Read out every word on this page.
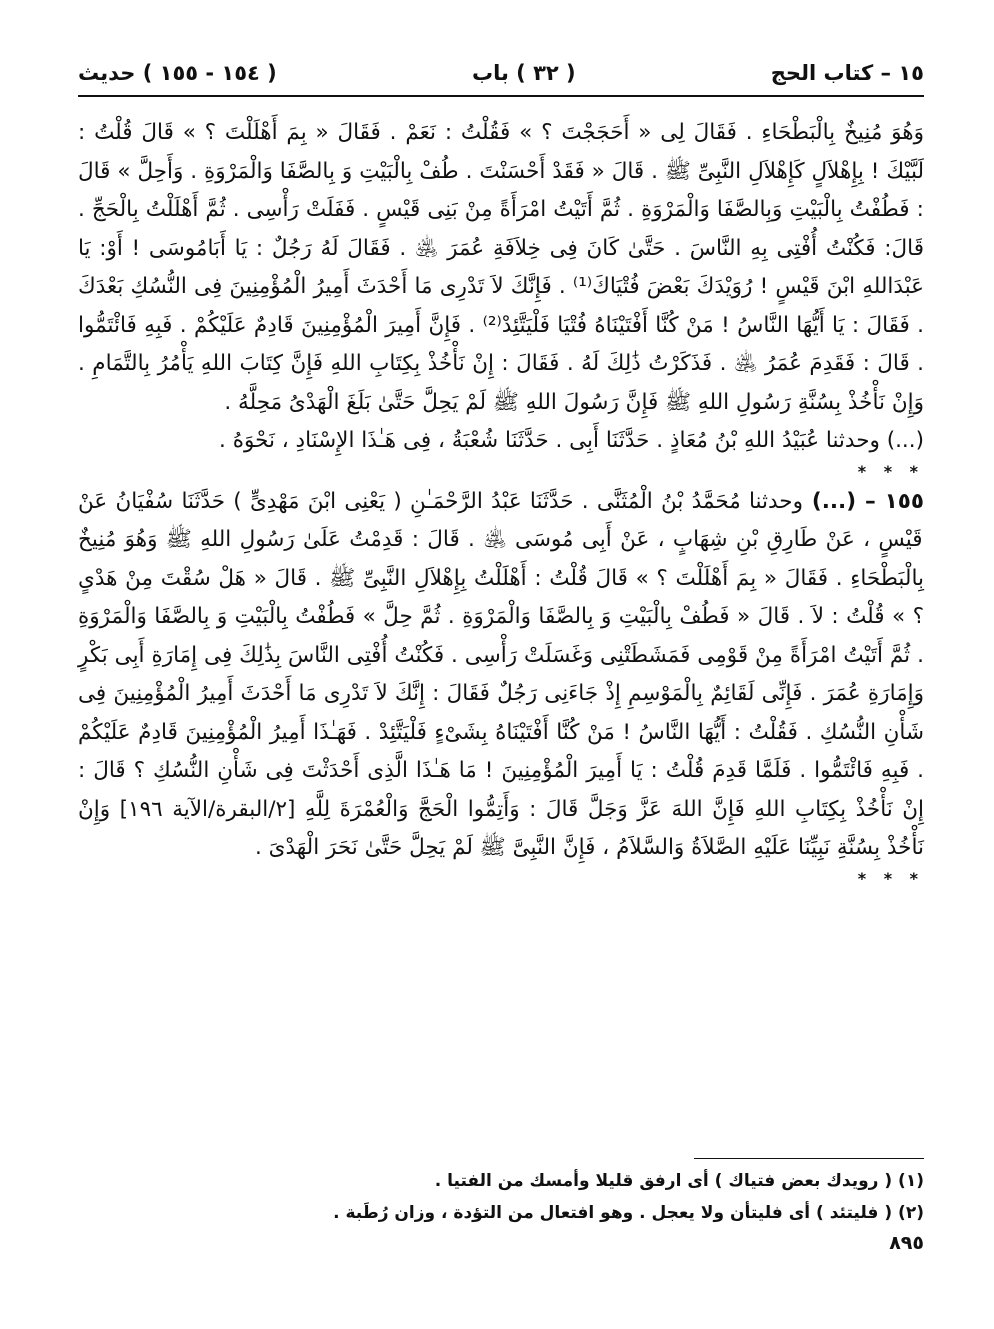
١٥ – كتاب الحج
( ٣٢ ) باب
( ١٥٤ - ١٥٥ ) حديث

وَهُوَ مُنِيخٌ بِالْبَطْحَاءِ . فَقَالَ لِى « أَحَجَجْتَ ؟ » فَقُلْتُ : نَعَمْ . فَقَالَ « بِمَ أَهْلَلْتَ ؟ » قَالَ قُلْتُ : لَبَّيْكَ ! بِإِهْلاَلٍ كَإِهْلاَلِ النَّبِىِّ ﷺ . قَالَ « فَقَدْ أَحْسَنْتَ . طُفْ بِالْبَيْتِ وَ بِالصَّفَا وَالْمَرْوَةِ . وَأَحِلَّ » قَالَ : فَطُفْتُ بِالْبَيْتِ وَبِالصَّفَا وَالْمَرْوَةِ . ثُمَّ أَتَيْتُ امْرَأَةً مِنْ بَنِى قَيْسٍ . فَفَلَتْ رَأْسِى . ثُمَّ أَهْلَلْتُ بِالْحَجِّ . قَالَ: فَكُنْتُ أُفْتِى بِهِ النَّاسَ . حَتَّىٰ كَانَ فِى خِلاَفَةِ عُمَرَ ﵁ . فَقَالَ لَهُ رَجُلٌ : يَا أَبَامُوسَى ! أَوْ: يَا عَبْدَاللهِ ابْنَ قَيْسٍ ! رُوَيْدَكَ بَعْضَ فُتْيَاكَ⁽¹⁾ . فَإِنَّكَ لاَ تَدْرِى مَا أَحْدَثَ أَمِيرُ الْمُؤْمِنِينَ فِى النُّسُكِ بَعْدَكَ . فَقَالَ : يَا أَيُّهَا النَّاسُ ! مَنْ كُنَّا أَفْتَيْنَاهُ فُتْيَا فَلْيَتَّئِدْ⁽²⁾ . فَإِنَّ أَمِيرَ الْمُؤْمِنِينَ قَادِمٌ عَلَيْكُمْ . فَبِهِ فَائْتَمُّوا . قَالَ : فَقَدِمَ عُمَرُ ﵁ . فَذَكَرْتُ ذَٰلِكَ لَهُ . فَقَالَ : إِنْ نَأْخُذْ بِكِتَابِ اللهِ فَإِنَّ كِتَابَ اللهِ يَأْمُرُ بِالتَّمَامِ . وَإِنْ نَأْخُذْ بِسُنَّةِ رَسُولِ اللهِ ﷺ فَإِنَّ رَسُولَ اللهِ ﷺ لَمْ يَحِلَّ حَتَّىٰ بَلَغَ الْهَدْىُ مَحِلَّهُ .

(...) وحدثنا عُبَيْدُ اللهِ بْنُ مُعَاذٍ . حَدَّثَنَا أَبِى . حَدَّثَنَا شُعْبَةُ ، فِى هَـٰذَا الإِسْنَادِ ، نَحْوَهُ .

* * *

١٥٥ – (...) وحدثنا مُحَمَّدُ بْنُ الْمُثَنَّى . حَدَّثَنَا عَبْدُ الرَّحْمَـٰنِ ( يَعْنِى ابْنَ مَهْدِىٍّ ) حَدَّثَنَا سُفْيَانُ عَنْ قَيْسٍ ، عَنْ طَارِقِ بْنِ شِهَابٍ ، عَنْ أَبِى مُوسَى ﵁ . قَالَ : قَدِمْتُ عَلَىٰ رَسُولِ اللهِ ﷺ وَهُوَ مُنِيخٌ بِالْبَطْحَاءِ . فَقَالَ « بِمَ أَهْلَلْتَ ؟ » قَالَ قُلْتُ : أَهْلَلْتُ بِإِهْلاَلِ النَّبِىِّ ﷺ . قَالَ « هَلْ سُقْتَ مِنْ هَدْىٍ ؟ » قُلْتُ : لاَ . قَالَ « فَطُفْ بِالْبَيْتِ وَ بِالصَّفَا وَالْمَرْوَةِ . ثُمَّ حِلَّ » فَطُفْتُ بِالْبَيْتِ وَ بِالصَّفَا وَالْمَرْوَةِ . ثُمَّ أَتَيْتُ امْرَأَةً مِنْ قَوْمِى فَمَشَطَتْنِى وَغَسَلَتْ رَأْسِى . فَكُنْتُ أُفْتِى النَّاسَ بِذَٰلِكَ فِى إِمَارَةِ أَبِى بَكْرٍ وَإِمَارَةِ عُمَرَ . فَإِنِّى لَقَائِمٌ بِالْمَوْسِمِ إِذْ جَاءَنِى رَجُلٌ فَقَالَ : إِنَّكَ لاَ تَدْرِى مَا أَحْدَثَ أَمِيرُ الْمُؤْمِنِينَ فِى شَأْنِ النُّسُكِ . فَقُلْتُ : أَيُّهَا النَّاسُ ! مَنْ كُنَّا أَفْتَيْنَاهُ بِشَىْءٍ فَلْيَتَّئِدْ . فَهَـٰذَا أَمِيرُ الْمُؤْمِنِينَ قَادِمٌ عَلَيْكُمْ . فَبِهِ فَائْتَمُّوا . فَلَمَّا قَدِمَ قُلْتُ : يَا أَمِيرَ الْمُؤْمِنِينَ ! مَا هَـٰذَا الَّذِى أَحْدَثْتَ فِى شَأْنِ النُّسُكِ ؟ قَالَ : إِنْ نَأْخُذْ بِكِتَابِ اللهِ فَإِنَّ اللهَ عَزَّ وَجَلَّ قَالَ : وَأَتِمُّوا الْحَجَّ وَالْعُمْرَةَ لِلَّهِ [٢/البقرة/الآية ١٩٦] وَإِنْ نَأْخُذْ بِسُنَّةِ نَبِيِّنَا عَلَيْهِ الصَّلاَةُ وَالسَّلاَمُ ، فَإِنَّ النَّبِىَّ ﷺ لَمْ يَحِلَّ حَتَّىٰ نَحَرَ الْهَدْىَ .

* * *

(١) ( رويدك بعض فتياك ) أى ارفق قليلا وأمسك من الفتيا .

(٢) ( فليتئد ) أى فليتأن ولا يعجل . وهو افتعال من التؤدة ، وزان رُطَبة .

٨٩٥
